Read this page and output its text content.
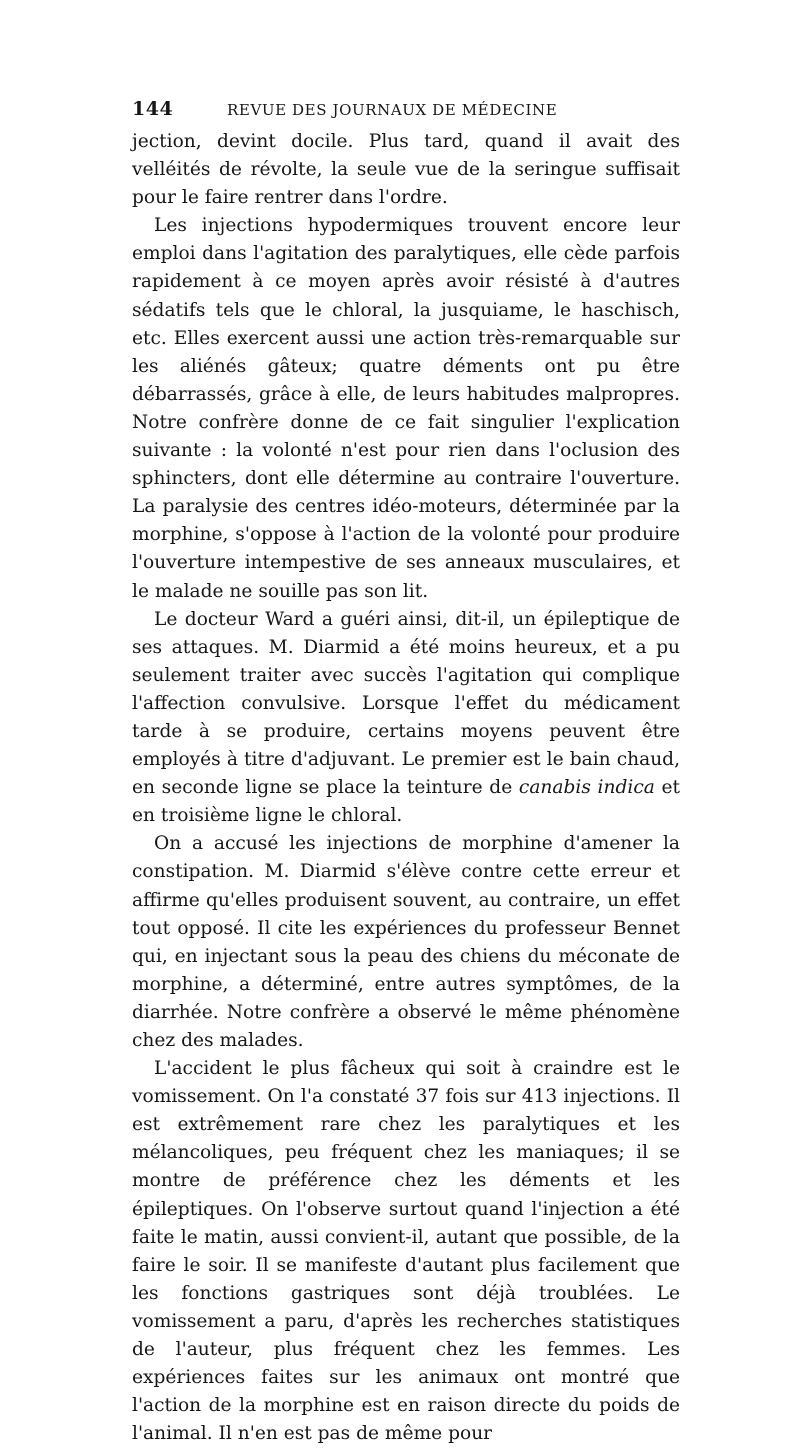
144	REVUE DES JOURNAUX DE MÉDECINE

jection, devint docile. Plus tard, quand il avait des velléités de révolte, la seule vue de la seringue suffisait pour le faire rentrer dans l'ordre.

Les injections hypodermiques trouvent encore leur emploi dans l'agitation des paralytiques, elle cède parfois rapidement à ce moyen après avoir résisté à d'autres sédatifs tels que le chloral, la jusquiame, le haschisch, etc. Elles exercent aussi une action très-remarquable sur les aliénés gâteux; quatre déments ont pu être débarrassés, grâce à elle, de leurs habitudes malpropres. Notre confrère donne de ce fait singulier l'explication suivante : la volonté n'est pour rien dans l'oclusion des sphincters, dont elle détermine au contraire l'ouverture. La paralysie des centres idéo-moteurs, déterminée par la morphine, s'oppose à l'action de la volonté pour produire l'ouverture intempestive de ses anneaux musculaires, et le malade ne souille pas son lit.

Le docteur Ward a guéri ainsi, dit-il, un épileptique de ses attaques. M. Diarmid a été moins heureux, et a pu seulement traiter avec succès l'agitation qui complique l'affection convulsive. Lorsque l'effet du médicament tarde à se produire, certains moyens peuvent être employés à titre d'adjuvant. Le premier est le bain chaud, en seconde ligne se place la teinture de canabis indica et en troisième ligne le chloral.

On a accusé les injections de morphine d'amener la constipation. M. Diarmid s'élève contre cette erreur et affirme qu'elles produisent souvent, au contraire, un effet tout opposé. Il cite les expériences du professeur Bennet qui, en injectant sous la peau des chiens du méconate de morphine, a déterminé, entre autres symptômes, de la diarrhée. Notre confrère a observé le même phénomène chez des malades.

L'accident le plus fâcheux qui soit à craindre est le vomissement. On l'a constaté 37 fois sur 413 injections. Il est extrêmement rare chez les paralytiques et les mélancoliques, peu fréquent chez les maniaques; il se montre de préférence chez les déments et les épileptiques. On l'observe surtout quand l'injection a été faite le matin, aussi convient-il, autant que possible, de la faire le soir. Il se manifeste d'autant plus facilement que les fonctions gastriques sont déjà troublées. Le vomissement a paru, d'après les recherches statistiques de l'auteur, plus fréquent chez les femmes. Les expériences faites sur les animaux ont montré que l'action de la morphine est en raison directe du poids de l'animal. Il n'en est pas de même pour
